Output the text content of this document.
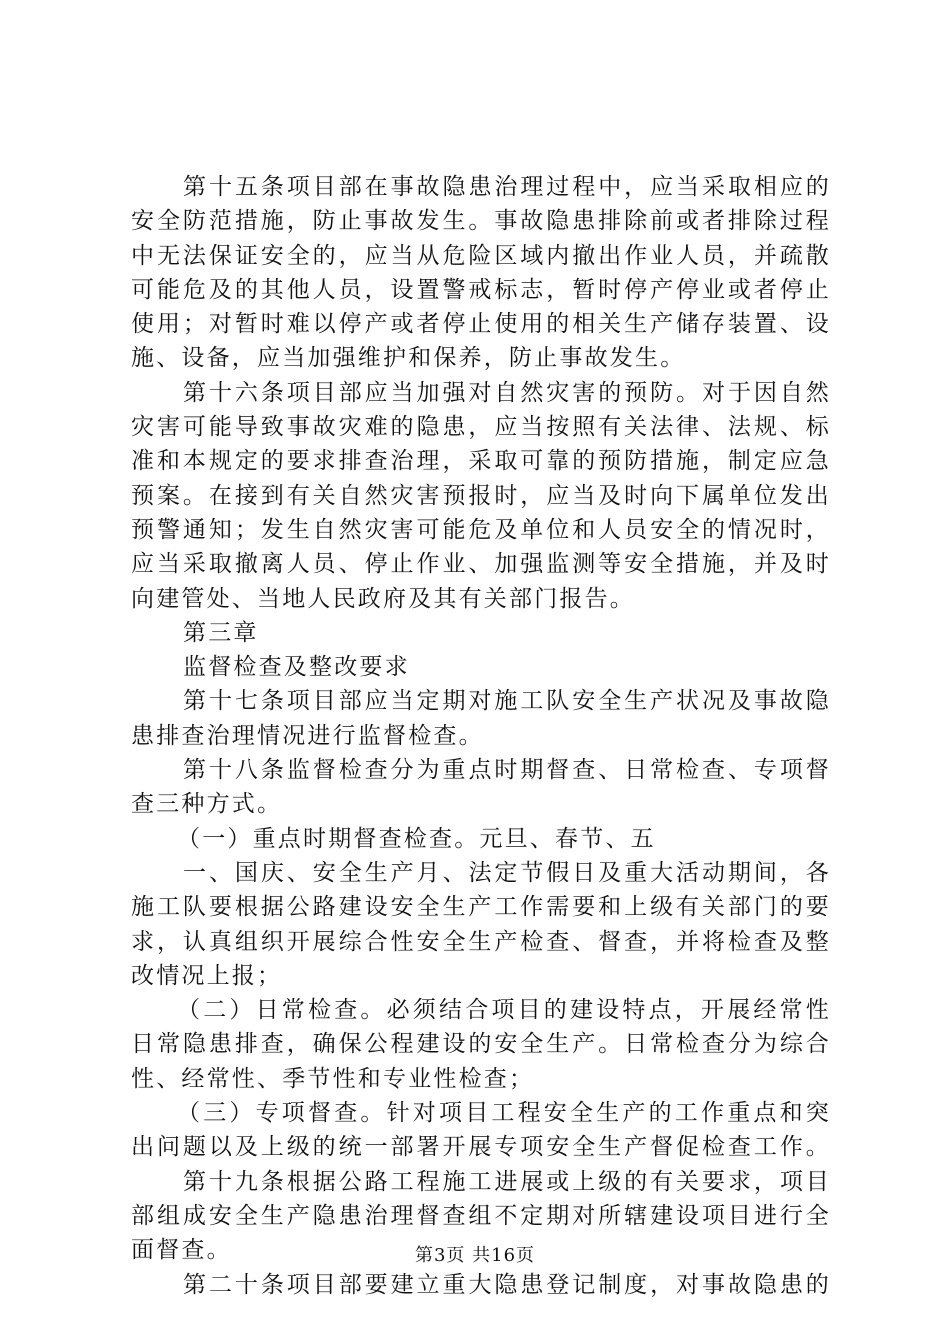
第十五条项目部在事故隐患治理过程中，应当采取相应的
安全防范措施，防止事故发生。事故隐患排除前或者排除过程
中无法保证安全的，应当从危险区域内撤出作业人员，并疏散
可能危及的其他人员，设置警戒标志，暂时停产停业或者停止
使用；对暂时难以停产或者停止使用的相关生产储存装置、设
施、设备，应当加强维护和保养，防止事故发生。
第十六条项目部应当加强对自然灾害的预防。对于因自然
灾害可能导致事故灾难的隐患，应当按照有关法律、法规、标
准和本规定的要求排查治理，采取可靠的预防措施，制定应急
预案。在接到有关自然灾害预报时，应当及时向下属单位发出
预警通知；发生自然灾害可能危及单位和人员安全的情况时，
应当采取撤离人员、停止作业、加强监测等安全措施，并及时
向建管处、当地人民政府及其有关部门报告。
第三章
监督检查及整改要求
第十七条项目部应当定期对施工队安全生产状况及事故隐
患排查治理情况进行监督检查。
第十八条监督检查分为重点时期督查、日常检查、专项督
查三种方式。
（一）重点时期督查检查。元旦、春节、五
一、国庆、安全生产月、法定节假日及重大活动期间，各
施工队要根据公路建设安全生产工作需要和上级有关部门的要
求，认真组织开展综合性安全生产检查、督查，并将检查及整
改情况上报；
（二）日常检查。必须结合项目的建设特点，开展经常性
日常隐患排查，确保公程建设的安全生产。日常检查分为综合
性、经常性、季节性和专业性检查；
（三）专项督查。针对项目工程安全生产的工作重点和突
出问题以及上级的统一部署开展专项安全生产督促检查工作。
第十九条根据公路工程施工进展或上级的有关要求，项目
部组成安全生产隐患治理督查组不定期对所辖建设项目进行全
面督查。
第二十条项目部要建立重大隐患登记制度，对事故隐患的
第3页 共16页
